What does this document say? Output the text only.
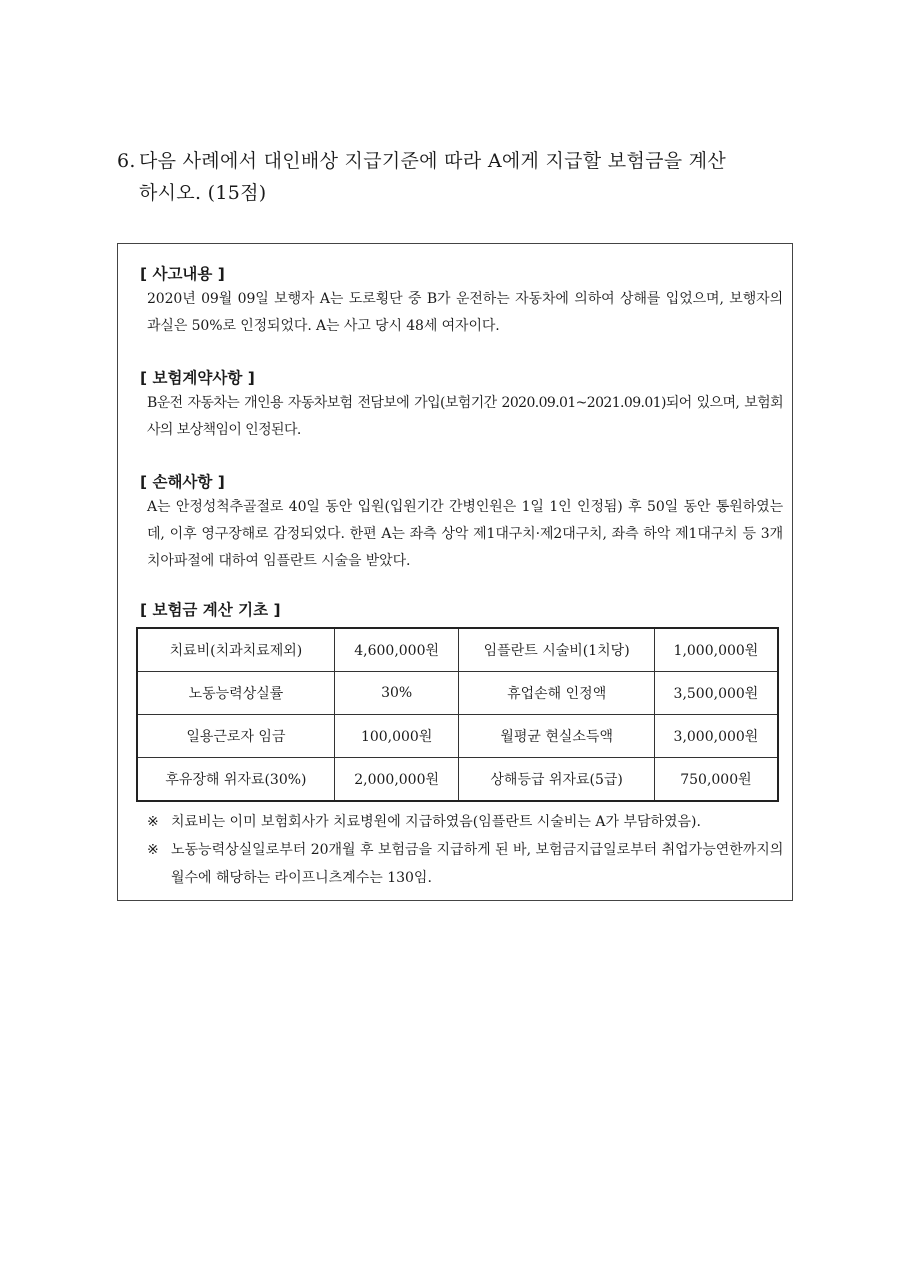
6. 다음 사례에서 대인배상 지급기준에 따라 A에게 지급할 보험금을 계산
하시오. (15점)
[ 사고내용 ]
2020년 09월 09일 보행자 A는 도로횡단 중 B가 운전하는 자동차에 의하여 상해를 입었으며, 보행자의 과실은 50%로 인정되었다. A는 사고 당시 48세 여자이다.
[ 보험계약사항 ]
B운전 자동차는 개인용 자동차보험 전담보에 가입(보험기간 2020.09.01~2021.09.01)되어 있으며, 보험회사의 보상책임이 인정된다.
[ 손해사항 ]
A는 안정성척추골절로 40일 동안 입원(입원기간 간병인원은 1일 1인 인정됨) 후 50일 동안 통원하였는데, 이후 영구장해로 감정되었다. 한편 A는 좌측 상악 제1대구치·제2대구치, 좌측 하악 제1대구치 등 3개 치아파절에 대하여 임플란트 시술을 받았다.
[ 보험금 계산 기초 ]
치료비(치과치료제외)	4,600,000원	임플란트 시술비(1치당)	1,000,000원
노동능력상실률	30%	휴업손해 인정액	3,500,000원
일용근로자 임금	100,000원	월평균 현실소득액	3,000,000원
후유장해 위자료(30%)	2,000,000원	상해등급 위자료(5급)	750,000원
※ 치료비는 이미 보험회사가 치료병원에 지급하였음(임플란트 시술비는 A가 부담하였음).
※ 노동능력상실일로부터 20개월 후 보험금을 지급하게 된 바, 보험금지급일로부터 취업가능연한까지의 월수에 해당하는 라이프니츠계수는 130임.
